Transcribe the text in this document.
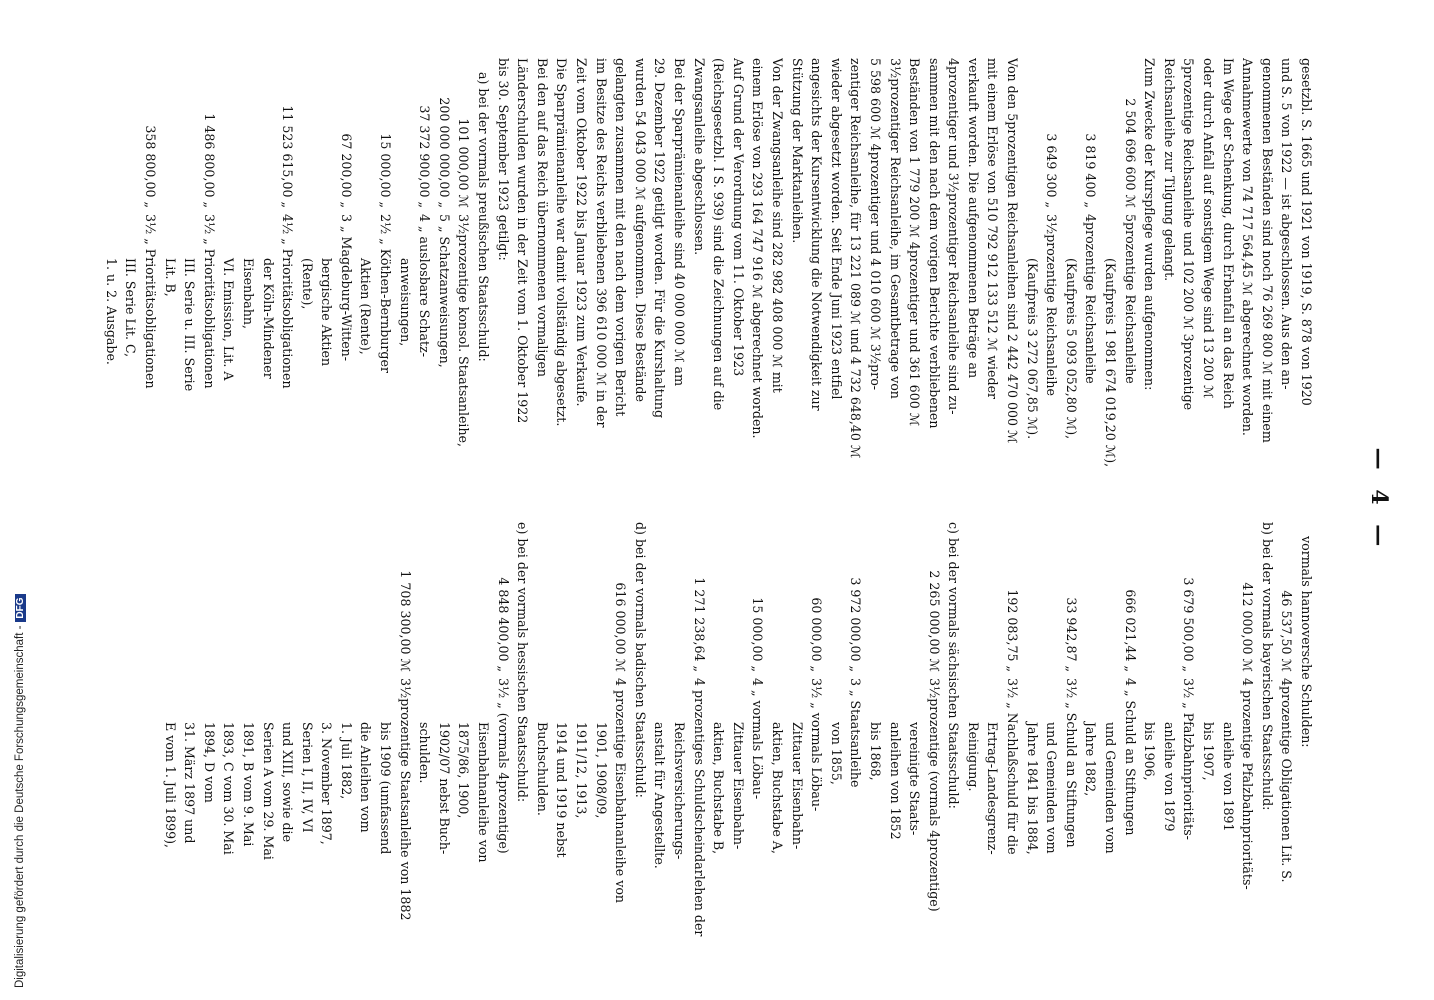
— 4 —
gesetzbl. S. 1665 und 1921 von 1919, S. 878 von 1920
und S. 5 von 1922 — ist abgeschlossen. Aus den an-
genommenen Beständen sind noch 76 269 800 ℳ mit einem
Annahmewerte von 74 717 564,45 ℳ abgerechnet worden.
Im Wege der Schenkung, durch Erbanfall an das Reich
oder durch Anfall auf sonstigem Wege sind 13 200 ℳ
5prozentige Reichsanleihe und 102 200 ℳ 3prozentige
Reichsanleihe zur Tilgung gelangt.
Zum Zwecke der Kurspflege wurden aufgenommen:
2 504 696 600 ℳ
5prozentige Reichsanleihe
(Kaufpreis 1 981 674 019,20 ℳ),
3 819 400 „
4prozentige Reichsanleihe
(Kaufpreis 5 093 052,80 ℳ),
3 649 300 „
3½prozentige Reichsanleihe
(Kaufpreis 3 272 067,85 ℳ).
Von den 5prozentigen Reichsanleihen sind 2 442 470 000 ℳ
mit einem Erlöse von 510 792 912 133 512 ℳ wieder
verkauft worden. Die aufgenommenen Beträge an
4prozentiger und 3½prozentiger Reichsanleihe sind zu-
sammen mit den nach dem vorigen Berichte verbliebenen
Beständen von 1 779 200 ℳ 4prozentiger und 361 600 ℳ
3½prozentiger Reichsanleihe, im Gesamtbetrage von
5 598 600 ℳ 4prozentiger und 4 010 600 ℳ 3½pro-
zentiger Reichsanleihe, für 13 221 089 ℳ und 4 732 648,40 ℳ
wieder abgesetzt worden. Seit Ende Juni 1923 entfiel
angesichts der Kursentwicklung die Notwendigkeit zur
Stützung der Marktanleihen.
Von der Zwangsanleihe sind 282 982 408 000 ℳ mit
einem Erlöse von 293 164 747 916 ℳ abgerechnet worden.
Auf Grund der Verordnung vom 11. Oktober 1923
(Reichsgesetzbl. I S. 939) sind die Zeichnungen auf die
Zwangsanleihe abgeschlossen.
Bei der Sparprämienanleihe sind 40 000 000 ℳ am
29. Dezember 1922 getilgt worden. Für die Kurshaltung
wurden 54 043 000 ℳ aufgenommen. Diese Bestände
gelangten zusammen mit den nach dem vorigen Bericht
im Besitze des Reichs verbliebenen 396 610 000 ℳ in der
Zeit vom Oktober 1922 bis Januar 1923 zum Verkaufe.
Die Sparprämienanleihe war damit vollständig abgesetzt.
Bei den auf das Reich übernommenen vormaligen
Länderschulden wurden in der Zeit vom 1. Oktober 1922
bis 30. September 1923 getilgt:
a) bei der vormals preußischen Staatsschuld:
101 000,00 ℳ
3½prozentige konsol. Staatsanleihe,
200 000 000,00 „
5 „ Schatzanweisungen,
37 372 900,00 „
4 „ auslosbare Schatz-
anweisungen,
15 000,00 „
2½ „ Köthen-Bernburger
Aktien (Rente),
67 200,00 „
3 „ Magdeburg-Witten-
bergische Aktien
(Rente),
11 523 615,00 „
4½ „ Prioritätsobligationen
der Köln-Mindener
Eisenbahn,
VI. Emission, Lit. A
1 486 800,00 „
3½ „ Prioritätsobligationen
III. Serie u. III. Serie
Lit. B,
358 800,00 „
3½ „ Prioritätsobligationen
III. Serie Lit. C,
1. u. 2. Ausgabe.
vormals hannoversche Schulden:
46 537,50 ℳ
4prozentige Obligationen Lit. S.
b) bei der vormals bayerischen Staatsschuld:
412 000,00 ℳ
4 prozentige Pfalzbahnprioritäts-
anleihe von 1891
bis 1907,
3 679 500,00 „
3½ „ Pfalzbahnprioritäts-
anleihe von 1879
bis 1906,
666 021,44 „
4 „ Schuld an Stiftungen
und Gemeinden vom
Jahre 1882,
33 942,87 „
3½ „ Schuld an Stiftungen
und Gemeinden vom
Jahre 1841 bis 1884,
192 083,75 „
3½ „ Nachlaßschuld für die
Ertrag-Landesgrenz-
Reinigung.
c) bei der vormals sächsischen Staatsschuld:
2 265 000,00 ℳ
3½prozentige (vormals 4prozentige)
vereinigte Staats-
anleihen von 1852
bis 1868,
3 972 000,00 „
3 „ Staatsanleihe
von 1855,
60 000,00 „
3½ „ vormals Löbau-
Zittauer Eisenbahn-
aktien, Buchstabe A,
15 000,00 „
4 „ vormals Löbau-
Zittauer Eisenbahn-
aktien, Buchstabe B,
1 271 238,64 „
4 prozentiges Schuldscheindarlehen der
Reichsversicherungs-
anstalt für Angestellte.
d) bei der vormals badischen Staatsschuld:
616 000,00 ℳ
4 prozentige Eisenbahnanleihe von
1901, 1908/09,
1911/12, 1913,
1914 und 1919 nebst
Buchschulden.
e) bei der vormals hessischen Staatsschuld:
4 848 400,00 „
3½ „ (vormals 4prozentige)
Eisenbahnanleihe von
1875/86, 1900,
1902/07 nebst Buch-
schulden.
1 708 300,00 ℳ
3½prozentige Staatsanleihe von 1882
bis 1909 (umfassend
die Anleihen vom
1. Juli 1882,
3. November 1897,
Serien I, II, IV, VI
und XIII, sowie die
Serien A vom 29. Mai
1891, B vom 9. Mai
1893, C vom 30. Mai
1894, D vom
31. März 1897 und
E vom 1. Juli 1899),
Digitalisierung gefördert durch die Deutsche Forschungsgemeinschaft -DFG
